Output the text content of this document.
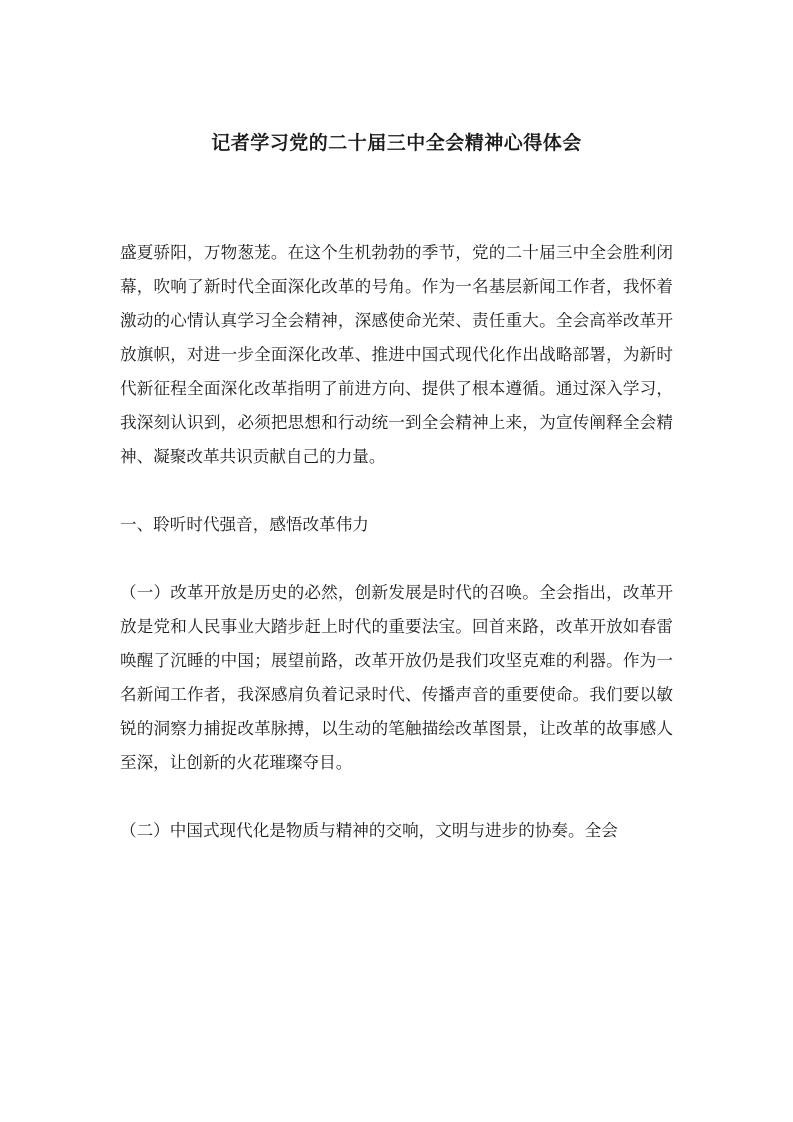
记者学习党的二十届三中全会精神心得体会

盛夏骄阳，万物葱茏。在这个生机勃勃的季节，党的二十届三中全会胜利闭幕，吹响了新时代全面深化改革的号角。作为一名基层新闻工作者，我怀着激动的心情认真学习全会精神，深感使命光荣、责任重大。全会高举改革开放旗帜，对进一步全面深化改革、推进中国式现代化作出战略部署，为新时代新征程全面深化改革指明了前进方向、提供了根本遵循。通过深入学习，我深刻认识到，必须把思想和行动统一到全会精神上来，为宣传阐释全会精神、凝聚改革共识贡献自己的力量。

一、聆听时代强音，感悟改革伟力

（一）改革开放是历史的必然，创新发展是时代的召唤。全会指出，改革开放是党和人民事业大踏步赶上时代的重要法宝。回首来路，改革开放如春雷唤醒了沉睡的中国；展望前路，改革开放仍是我们攻坚克难的利器。作为一名新闻工作者，我深感肩负着记录时代、传播声音的重要使命。我们要以敏锐的洞察力捕捉改革脉搏，以生动的笔触描绘改革图景，让改革的故事感人至深，让创新的火花璀璨夺目。

（二）中国式现代化是物质与精神的交响，文明与进步的协奏。全会
